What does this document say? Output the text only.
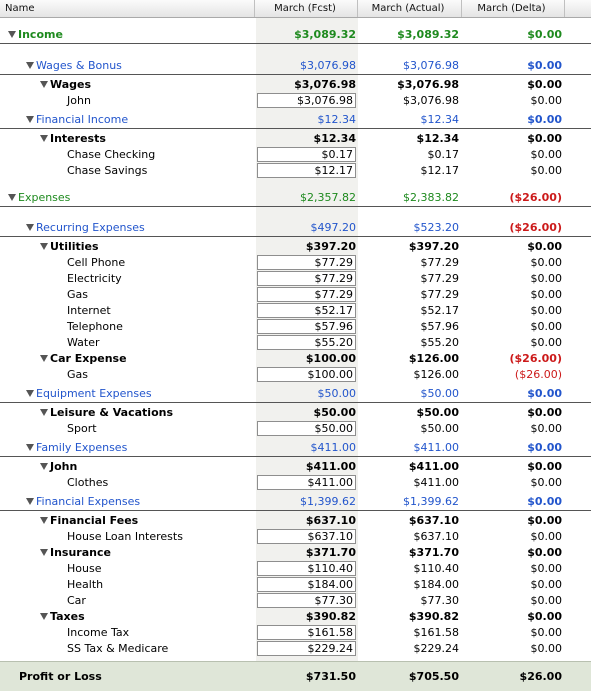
Name	March (Fcst)	March (Actual)	March (Delta)
Income	$3,089.32	$3,089.32	$0.00
Wages & Bonus	$3,076.98	$3,076.98	$0.00
Wages	$3,076.98	$3,076.98	$0.00
John	$3,076.98	$3,076.98	$0.00
Financial Income	$12.34	$12.34	$0.00
Interests	$12.34	$12.34	$0.00
Chase Checking	$0.17	$0.17	$0.00
Chase Savings	$12.17	$12.17	$0.00
Expenses	$2,357.82	$2,383.82	($26.00)
Recurring Expenses	$497.20	$523.20	($26.00)
Utilities	$397.20	$397.20	$0.00
Cell Phone	$77.29	$77.29	$0.00
Electricity	$77.29	$77.29	$0.00
Gas	$77.29	$77.29	$0.00
Internet	$52.17	$52.17	$0.00
Telephone	$57.96	$57.96	$0.00
Water	$55.20	$55.20	$0.00
Car Expense	$100.00	$126.00	($26.00)
Gas	$100.00	$126.00	($26.00)
Equipment Expenses	$50.00	$50.00	$0.00
Leisure & Vacations	$50.00	$50.00	$0.00
Sport	$50.00	$50.00	$0.00
Family Expenses	$411.00	$411.00	$0.00
John	$411.00	$411.00	$0.00
Clothes	$411.00	$411.00	$0.00
Financial Expenses	$1,399.62	$1,399.62	$0.00
Financial Fees	$637.10	$637.10	$0.00
House Loan Interests	$637.10	$637.10	$0.00
Insurance	$371.70	$371.70	$0.00
House	$110.40	$110.40	$0.00
Health	$184.00	$184.00	$0.00
Car	$77.30	$77.30	$0.00
Taxes	$390.82	$390.82	$0.00
Income Tax	$161.58	$161.58	$0.00
SS Tax & Medicare	$229.24	$229.24	$0.00
Profit or Loss	$731.50	$705.50	$26.00
